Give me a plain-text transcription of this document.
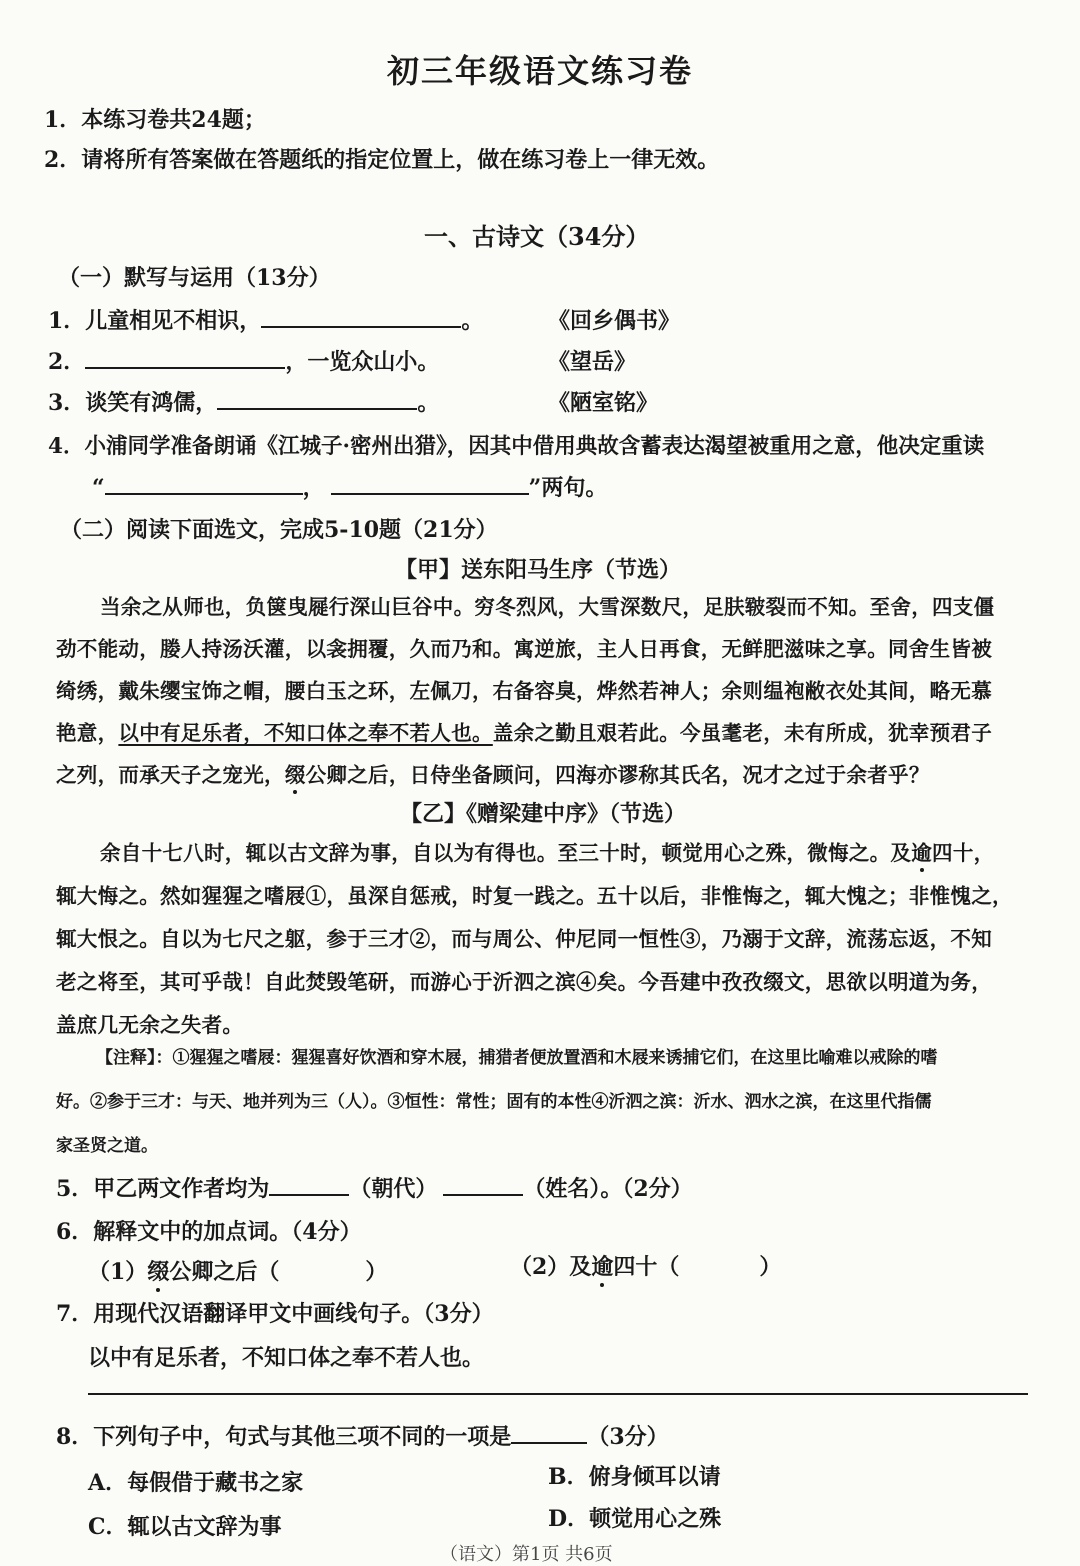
初三年级语文练习卷
1．本练习卷共24题；
2．请将所有答案做在答题纸的指定位置上，做在练习卷上一律无效。
一、古诗文（34分）
（一）默写与运用（13分）
1．儿童相见不相识，	。	《回乡偶书》
2．	，一览众山小。	《望岳》
3．谈笑有鸿儒，	。	《陋室铭》
4．小浦同学准备朗诵《江城子·密州出猎》，因其中借用典故含蓄表达渴望被重用之意，他决定重读
“	，	”两句。
（二）阅读下面选文，完成5-10题（21分）
【甲】送东阳马生序（节选）

当余之从师也，负箧曳屣行深山巨谷中。穷冬烈风，大雪深数尺，足肤皲裂而不知。至舍，四支僵

劲不能动，媵人持汤沃灌，以衾拥覆，久而乃和。寓逆旅，主人日再食，无鲜肥滋味之享。同舍生皆被

绮绣，戴朱缨宝饰之帽，腰白玉之环，左佩刀，右备容臭，烨然若神人；余则缊袍敝衣处其间，略无慕

艳意，以中有足乐者，不知口体之奉不若人也。盖余之勤且艰若此。今虽耄老，未有所成，犹幸预君子

之列，而承天子之宠光，缀公卿之后，日侍坐备顾问，四海亦谬称其氏名，况才之过于余者乎？

【乙】《赠梁建中序》（节选）

余自十七八时，辄以古文辞为事，自以为有得也。至三十时，顿觉用心之殊，微悔之。及逾四十，

辄大悔之。然如猩猩之嗜屐①，虽深自惩戒，时复一践之。五十以后，非惟悔之，辄大愧之；非惟愧之，

辄大恨之。自以为七尺之躯，参于三才②，而与周公、仲尼同一恒性③，乃溺于文辞，流荡忘返，不知

老之将至，其可乎哉！自此焚毁笔研，而游心于沂泗之滨④矣。今吾建中孜孜缀文，思欲以明道为务，

盖庶几无余之失者。

【注释】：①猩猩之嗜屐：猩猩喜好饮酒和穿木屐，捕猎者便放置酒和木屐来诱捕它们，在这里比喻难以戒除的嗜

好。②参于三才：与天、地并列为三（人）。③恒性：常性；固有的本性④沂泗之滨：沂水、泗水之滨，在这里代指儒

家圣贤之道。

5．甲乙两文作者均为	（朝代）	（姓名）。（2分）
6．解释文中的加点词。（4分）
（1）缀公卿之后（	）	（2）及逾四十（	）
7．用现代汉语翻译甲文中画线句子。（3分）
以中有足乐者，不知口体之奉不若人也。
8．下列句子中，句式与其他三项不同的一项是	（3分）
A．每假借于藏书之家	B．俯身倾耳以请
C．辄以古文辞为事	D．顿觉用心之殊
（语文）第1页 共6页
